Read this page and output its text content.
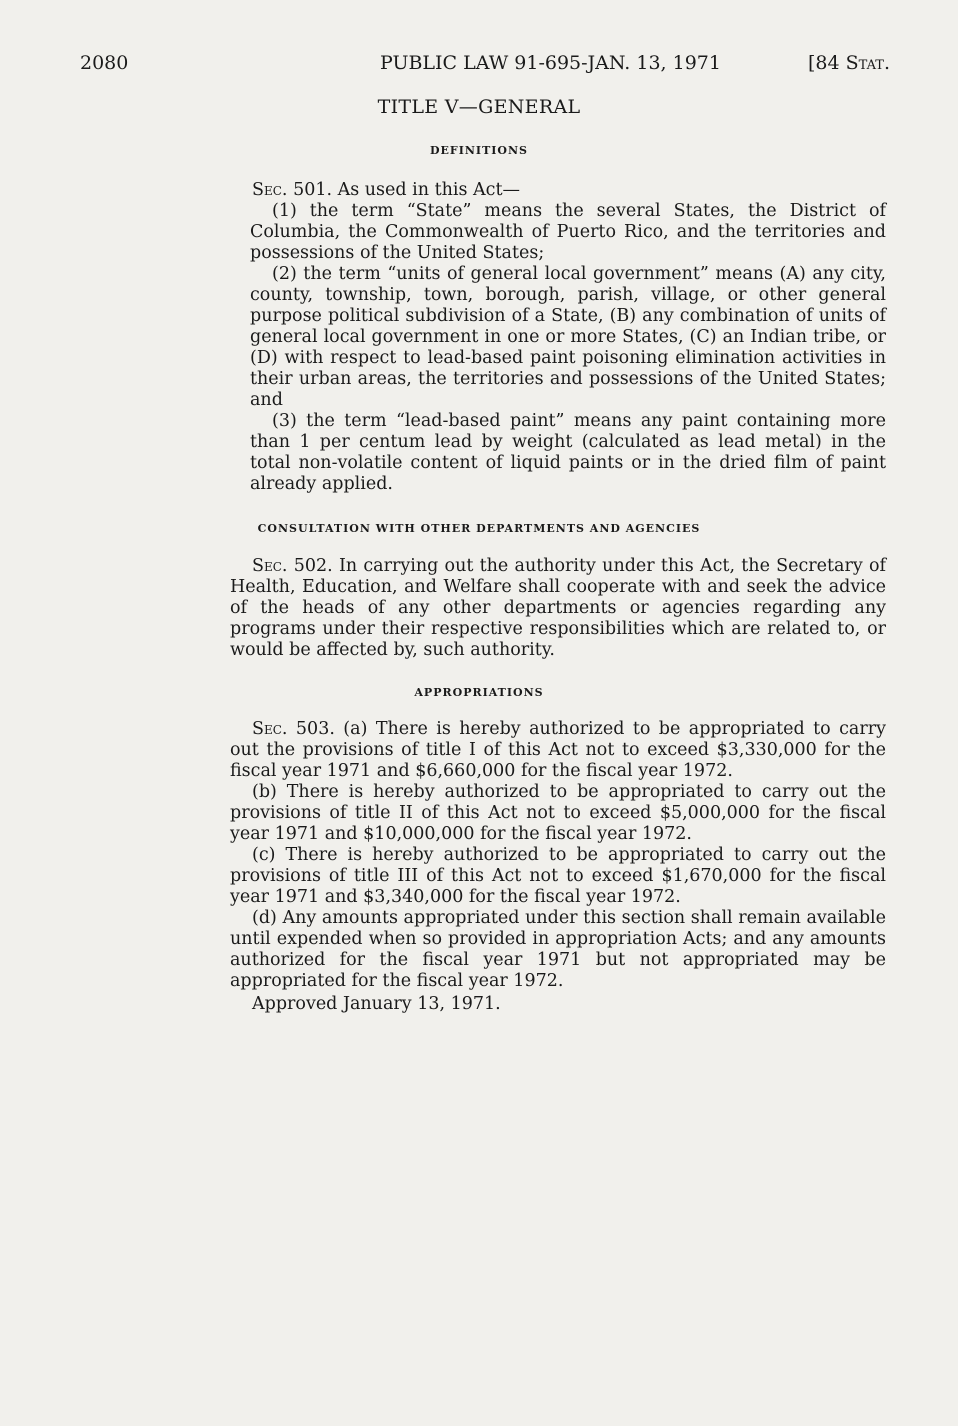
2080	PUBLIC LAW 91-695-JAN. 13, 1971	[84 Stat.
TITLE V—GENERAL
DEFINITIONS

Sec. 501. As used in this Act—

(1) the term “State” means the several States, the District of Columbia, the Commonwealth of Puerto Rico, and the territories and possessions of the United States;

(2) the term “units of general local government” means (A) any city, county, township, town, borough, parish, village, or other general purpose political subdivision of a State, (B) any combination of units of general local government in one or more States, (C) an Indian tribe, or (D) with respect to lead-based paint poisoning elimination activities in their urban areas, the territories and possessions of the United States; and

(3) the term “lead-based paint” means any paint containing more than 1 per centum lead by weight (calculated as lead metal) in the total non-volatile content of liquid paints or in the dried film of paint already applied.

CONSULTATION WITH OTHER DEPARTMENTS AND AGENCIES

Sec. 502. In carrying out the authority under this Act, the Secretary of Health, Education, and Welfare shall cooperate with and seek the advice of the heads of any other departments or agencies regarding any programs under their respective responsibilities which are related to, or would be affected by, such authority.

APPROPRIATIONS

Sec. 503. (a) There is hereby authorized to be appropriated to carry out the provisions of title I of this Act not to exceed $3,330,000 for the fiscal year 1971 and $6,660,000 for the fiscal year 1972.

(b) There is hereby authorized to be appropriated to carry out the provisions of title II of this Act not to exceed $5,000,000 for the fiscal year 1971 and $10,000,000 for the fiscal year 1972.

(c) There is hereby authorized to be appropriated to carry out the provisions of title III of this Act not to exceed $1,670,000 for the fiscal year 1971 and $3,340,000 for the fiscal year 1972.

(d) Any amounts appropriated under this section shall remain available until expended when so provided in appropriation Acts; and any amounts authorized for the fiscal year 1971 but not appropriated may be appropriated for the fiscal year 1972.

Approved January 13, 1971.
